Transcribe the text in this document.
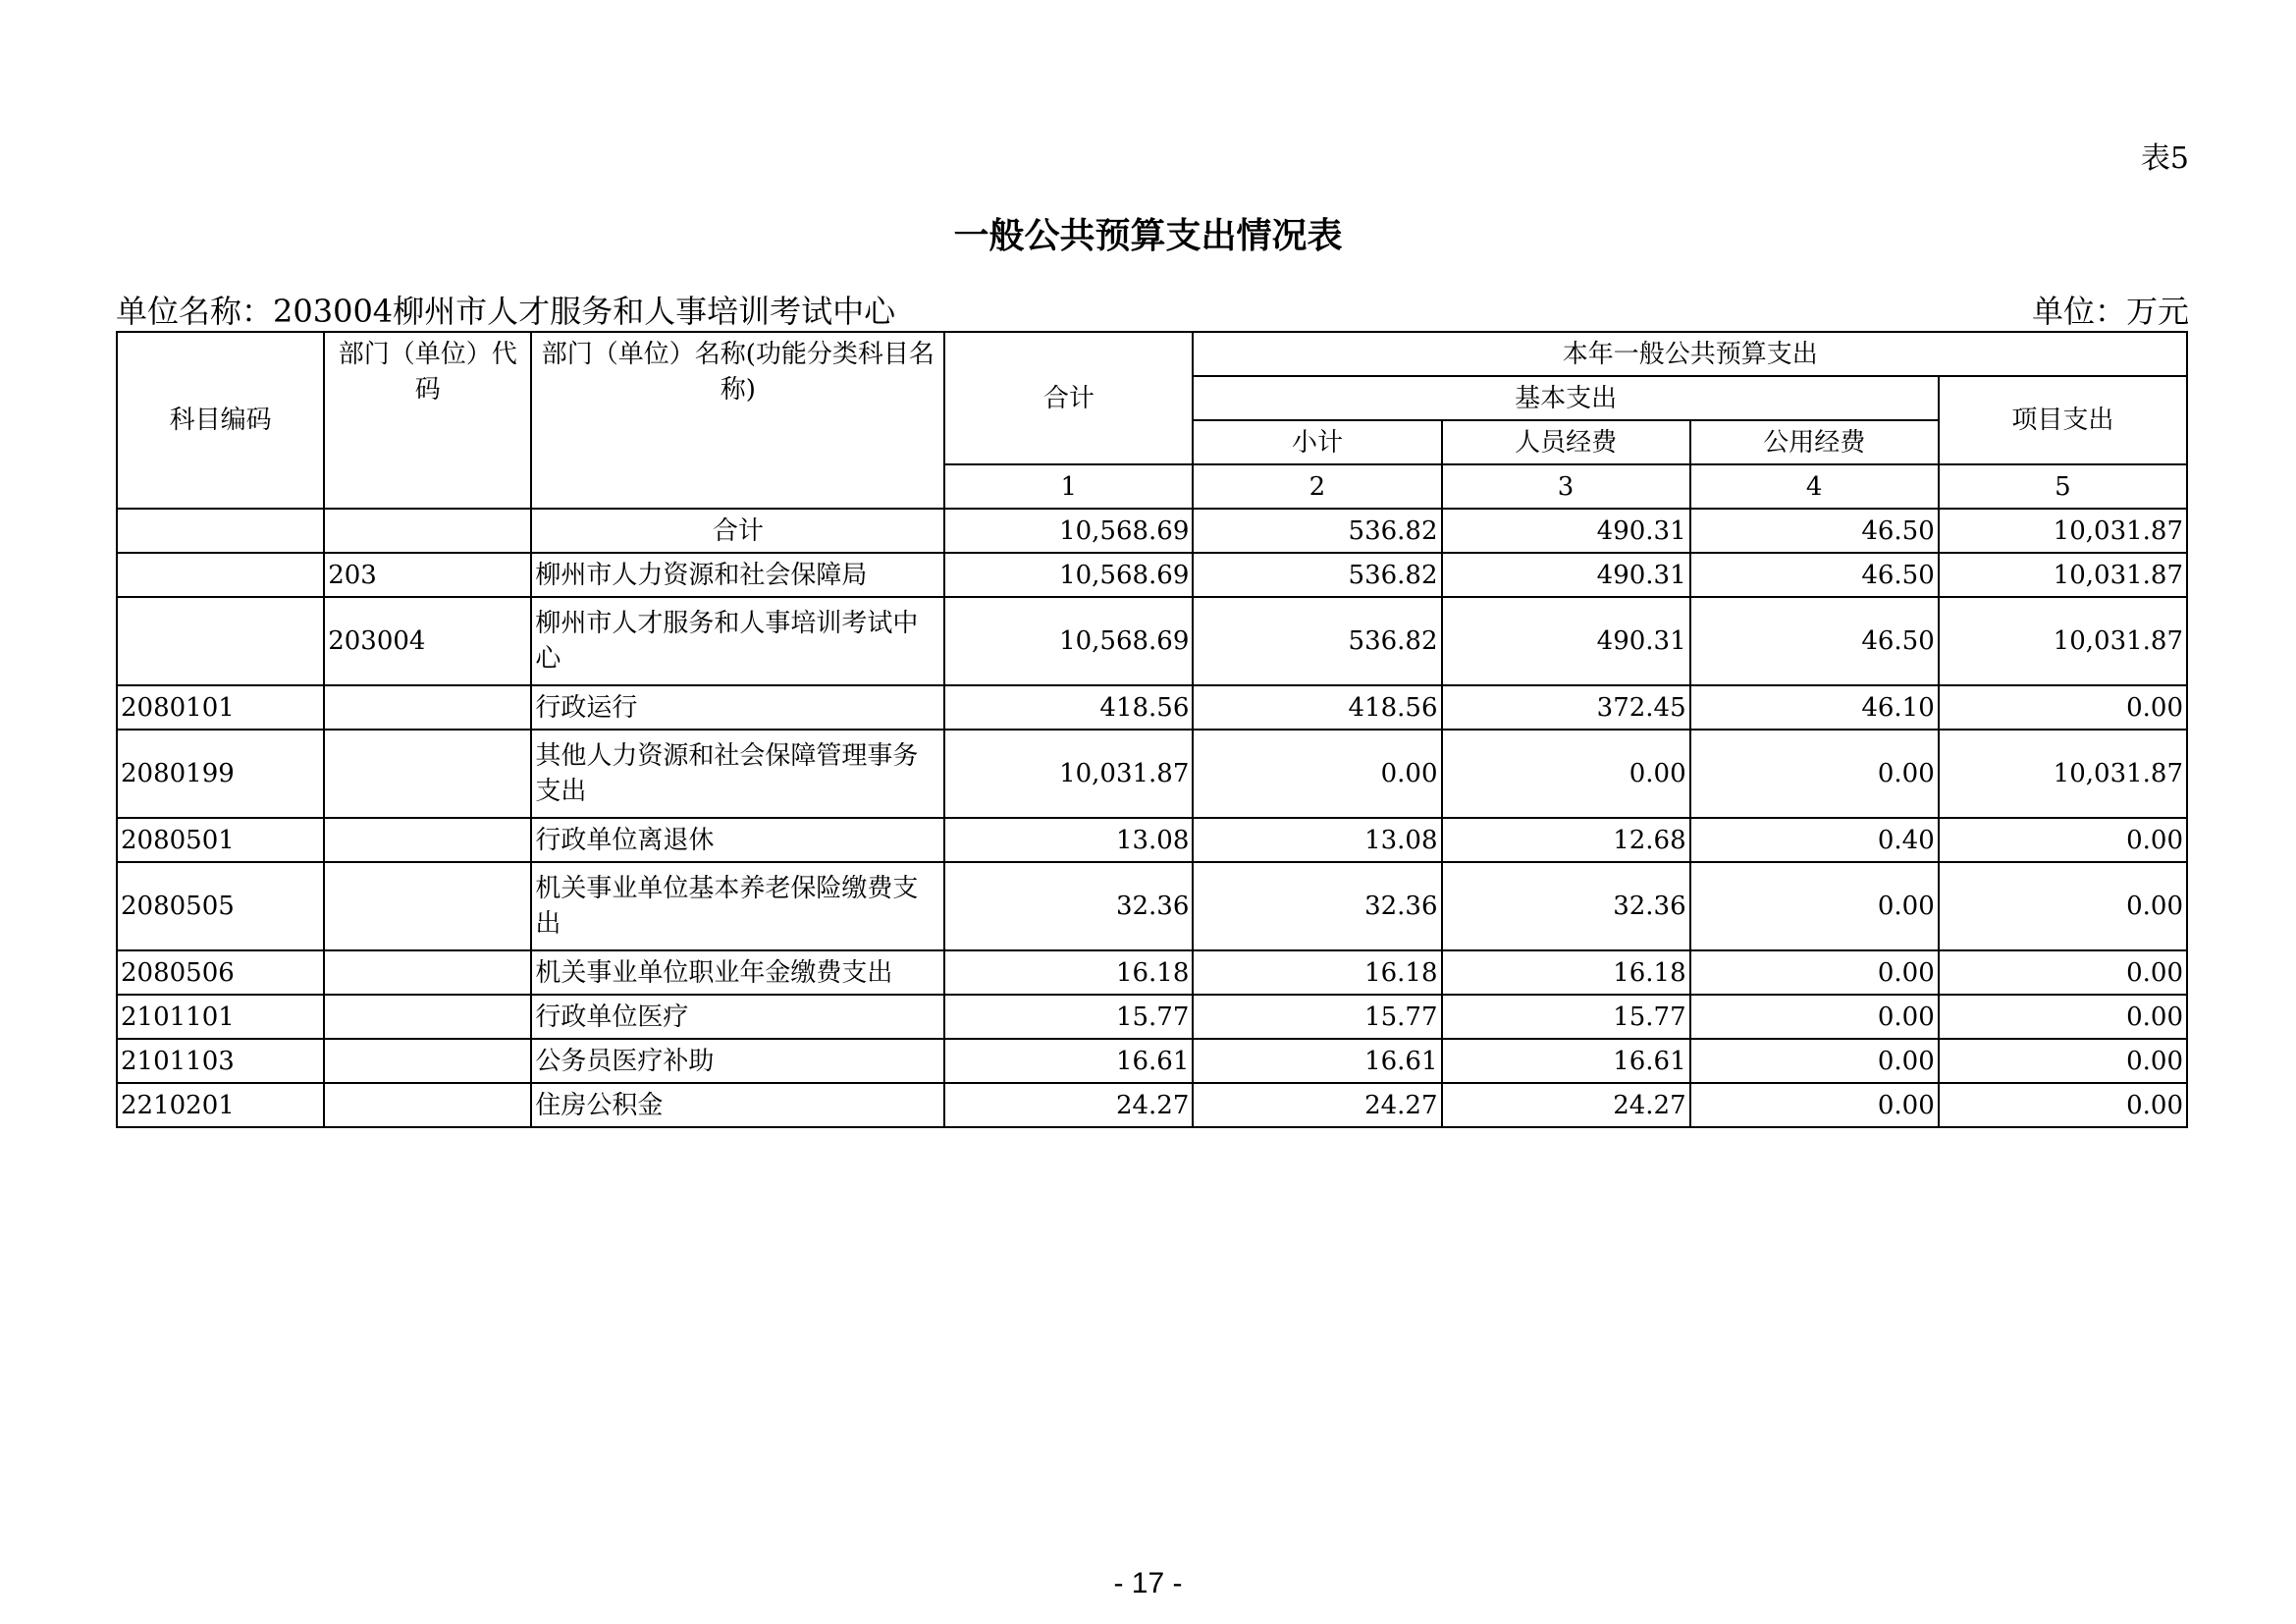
表5
一般公共预算支出情况表
单位名称：203004柳州市人才服务和人事培训考试中心	单位：万元
科目编码	部门（单位）代码	部门（单位）名称(功能分类科目名称)	合计	本年一般公共预算支出			
				基本支出			项目支出
				小计	人员经费	公用经费	
			1	2	3	4	5
		合计	10,568.69	536.82	490.31	46.50	10,031.87
	203	柳州市人力资源和社会保障局	10,568.69	536.82	490.31	46.50	10,031.87
	203004	柳州市人才服务和人事培训考试中心	10,568.69	536.82	490.31	46.50	10,031.87
2080101		行政运行	418.56	418.56	372.45	46.10	0.00
2080199		其他人力资源和社会保障管理事务支出	10,031.87	0.00	0.00	0.00	10,031.87
2080501		行政单位离退休	13.08	13.08	12.68	0.40	0.00
2080505		机关事业单位基本养老保险缴费支出	32.36	32.36	32.36	0.00	0.00
2080506		机关事业单位职业年金缴费支出	16.18	16.18	16.18	0.00	0.00
2101101		行政单位医疗	15.77	15.77	15.77	0.00	0.00
2101103		公务员医疗补助	16.61	16.61	16.61	0.00	0.00
2210201		住房公积金	24.27	24.27	24.27	0.00	0.00
- 17 -
